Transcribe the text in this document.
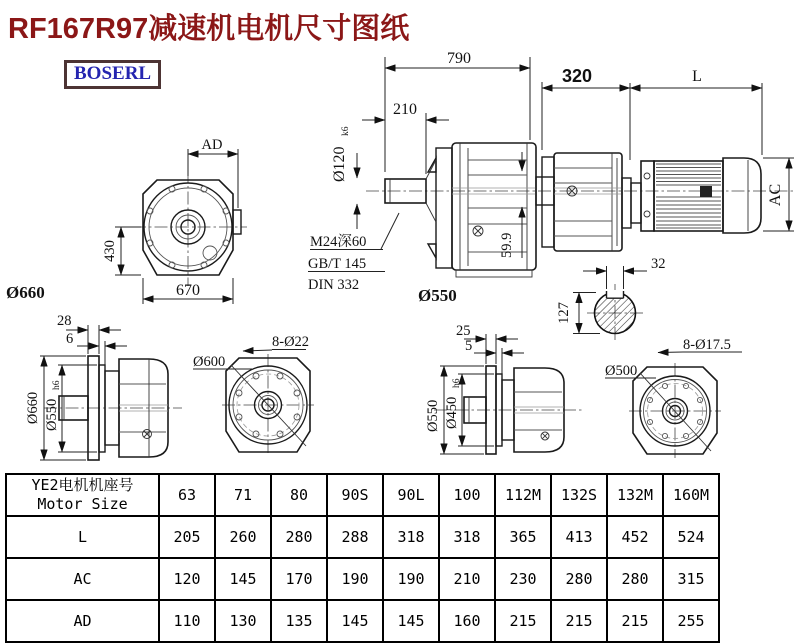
RF167R97减速机电机尺寸图纸
BOSERL
AD
430
670
790
210
Ø120
k6
M24深60
GB/T 145
DIN 332
59.9
320	L
AC
32
127
Ø660
28
6
Ø660 Ø550
h6
8-Ø22
Ø600
Ø550
25
5
Ø550 Ø450
h6
8-Ø17.5
Ø500
YE2电机机座号
Motor Size	63	71	80	90S	90L	100	112M	132S	132M	160M
L	205	260	280	288	318	318	365	413	452	524
AC	120	145	170	190	190	210	230	280	280	315
AD	110	130	135	145	145	160	215	215	215	255
